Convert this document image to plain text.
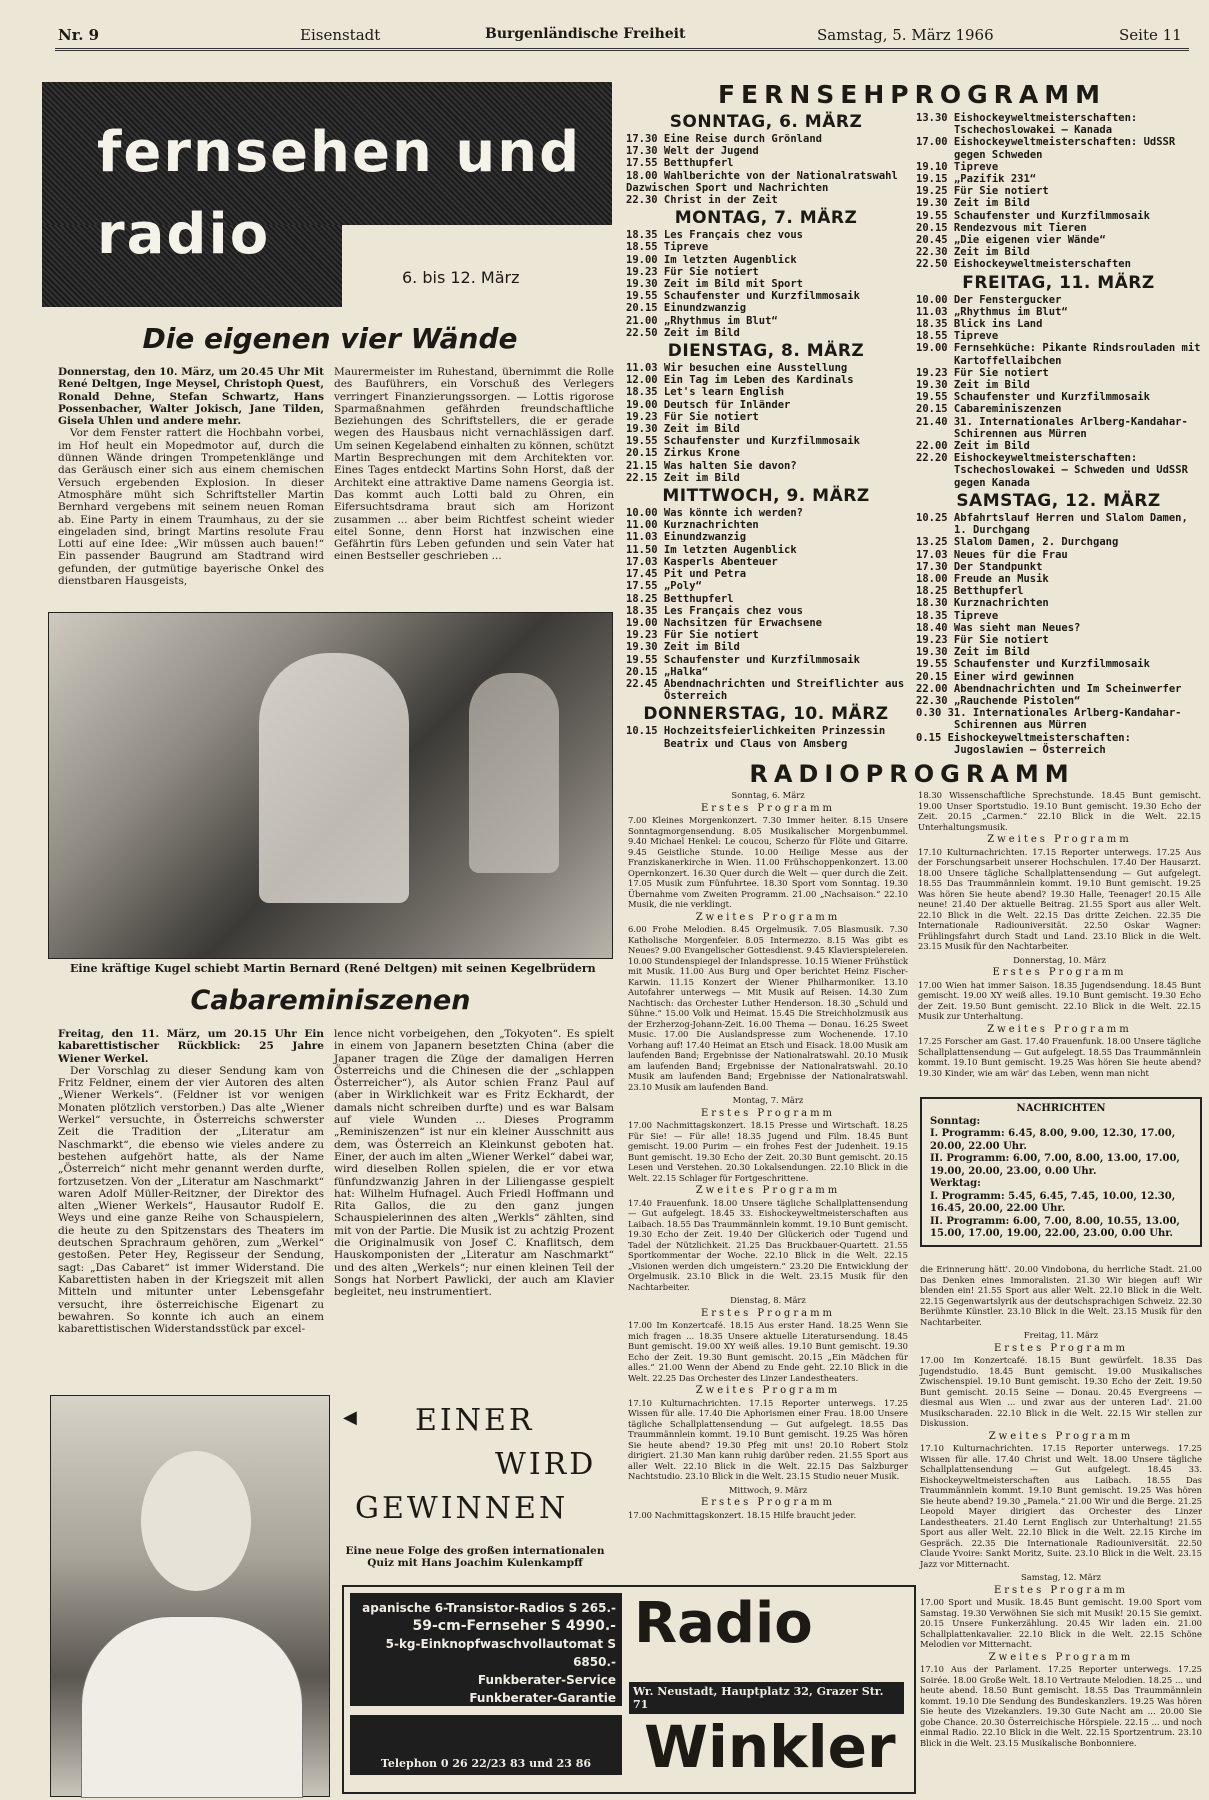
Nr. 9	Eisenstadt	Burgenländische Freiheit	Samstag, 5. März 1966	Seite 11
fernsehen und
radio
6. bis 12. März
Die eigenen vier Wände
Donnerstag, den 10. März, um 20.45 Uhr Mit René Deltgen, Inge Meysel, Christoph Quest, Ronald Dehne, Stefan Schwartz, Hans Possenbacher, Walter Jokisch, Jane Tilden, Gisela Uhlen und andere mehr.
Vor dem Fenster rattert die Hochbahn vorbei, im Hof heult ein Mopedmotor auf, durch die dünnen Wände dringen Trompetenklänge und das Geräusch einer sich aus einem chemischen Versuch ergebenden Explosion. In dieser Atmosphäre müht sich Schriftsteller Martin Bernhard vergebens mit seinem neuen Roman ab. Eine Party in einem Traumhaus, zu der sie eingeladen sind, bringt Martins resolute Frau Lotti auf eine Idee: „Wir müssen auch bauen!“ Ein passender Baugrund am Stadtrand wird gefunden, der gutmütige bayerische Onkel des dienstbaren Hausgeists,
Maurermeister im Ruhestand, übernimmt die Rolle des Bauführers, ein Vorschuß des Verlegers verringert Finanzierungssorgen. — Lottis rigorose Sparmaßnahmen gefährden freundschaftliche Beziehungen des Schriftstellers, die er gerade wegen des Hausbaus nicht vernachlässigen darf. Um seinen Kegelabend einhalten zu können, schützt Martin Besprechungen mit dem Architekten vor. Eines Tages entdeckt Martins Sohn Horst, daß der Architekt eine attraktive Dame namens Georgia ist. Das kommt auch Lotti bald zu Ohren, ein Eifersuchtsdrama braut sich am Horizont zusammen ... aber beim Richtfest scheint wieder eitel Sonne, denn Horst hat inzwischen eine Gefährtin fürs Leben gefunden und sein Vater hat einen Bestseller geschrieben ...
Eine kräftige Kugel schiebt Martin Bernard (René Deltgen) mit seinen Kegelbrüdern
Cabareminiszenen
Freitag, den 11. März, um 20.15 Uhr Ein kabarettistischer Rückblick: 25 Jahre Wiener Werkel.
Der Vorschlag zu dieser Sendung kam von Fritz Feldner, einem der vier Autoren des alten „Wiener Werkels“. (Feldner ist vor wenigen Monaten plötzlich verstorben.) Das alte „Wiener Werkel“ versuchte, in Österreichs schwerster Zeit die Tradition der „Literatur am Naschmarkt“, die ebenso wie vieles andere zu bestehen aufgehört hatte, als der Name „Österreich“ nicht mehr genannt werden durfte, fortzusetzen. Von der „Literatur am Naschmarkt“ waren Adolf Müller-Reitzner, der Direktor des alten „Wiener Werkels“, Hausautor Rudolf E. Weys und eine ganze Reihe von Schauspielern, die heute zu den Spitzenstars des Theaters im deutschen Sprachraum gehören, zum „Werkel“ gestoßen. Peter Hey, Regisseur der Sendung, sagt: „Das Cabaret“ ist immer Widerstand. Die Kabarettisten haben in der Kriegszeit mit allen Mitteln und mitunter unter Lebensgefahr versucht, ihre österreichische Eigenart zu bewahren. So konnte ich auch an einem kabarettistischen Widerstandsstück par excel-
lence nicht vorbeigehen, den „Tokyoten“. Es spielt in einem von Japanern besetzten China (aber die Japaner tragen die Züge der damaligen Herren Österreichs und die Chinesen die der „schlappen Österreicher“), als Autor schien Franz Paul auf (aber in Wirklichkeit war es Fritz Eckhardt, der damals nicht schreiben durfte) und es war Balsam auf viele Wunden ... Dieses Programm „Reminiszenzen“ ist nur ein kleiner Ausschnitt aus dem, was Österreich an Kleinkunst geboten hat. Einer, der auch im alten „Wiener Werkel“ dabei war, wird dieselben Rollen spielen, die er vor etwa fünfundzwanzig Jahren in der Liliengasse gespielt hat: Wilhelm Hufnagel. Auch Friedl Hoffmann und Rita Gallos, die zu den ganz jungen Schauspielerinnen des alten „Werkls“ zählten, sind mit von der Partie. Die Musik ist zu achtzig Prozent die Originalmusik von Josef C. Knaflitsch, dem Hauskomponisten der „Literatur am Naschmarkt“ und des alten „Werkels“; nur einen kleinen Teil der Songs hat Norbert Pawlicki, der auch am Klavier begleitet, neu instrumentiert.
◀ EINER
WIRD
GEWINNEN
Eine neue Folge des großen internationalen Quiz mit Hans Joachim Kulenkampff
apanische 6-Transistor-Radios S 265.-
59-cm-Fernseher S 4990.-
5-kg-Einknopfwaschvollautomat S 6850.-
Funkberater-Service
Funkberater-Garantie
Radio
Wr. Neustadt, Hauptplatz 32, Grazer Str. 71
Telephon 0 26 22/23 83 und 23 86 Winkler
FERNSEHPROGRAMM
SONNTAG, 6. MÄRZ
17.30 Eine Reise durch Grönland
17.30 Welt der Jugend
17.55 Betthupferl
18.00 Wahlberichte von der Nationalratswahl
Dazwischen Sport und Nachrichten
22.30 Christ in der Zeit
MONTAG, 7. MÄRZ
18.35 Les Français chez vous
18.55 Tipreve
19.00 Im letzten Augenblick
19.23 Für Sie notiert
19.30 Zeit im Bild mit Sport
19.55 Schaufenster und Kurzfilmmosaik
20.15 Einundzwanzig
21.00 „Rhythmus im Blut“
22.50 Zeit im Bild
DIENSTAG, 8. MÄRZ
11.03 Wir besuchen eine Ausstellung
12.00 Ein Tag im Leben des Kardinals
18.35 Let's learn English
19.00 Deutsch für Inländer
19.23 Für Sie notiert
19.30 Zeit im Bild
19.55 Schaufenster und Kurzfilmmosaik
20.15 Zirkus Krone
21.15 Was halten Sie davon?
22.15 Zeit im Bild
MITTWOCH, 9. MÄRZ
10.00 Was könnte ich werden?
11.00 Kurznachrichten
11.03 Einundzwanzig
11.50 Im letzten Augenblick
17.03 Kasperls Abenteuer
17.45 Pit und Petra
17.55 „Poly“
18.25 Betthupferl
18.35 Les Français chez vous
19.00 Nachsitzen für Erwachsene
19.23 Für Sie notiert
19.30 Zeit im Bild
19.55 Schaufenster und Kurzfilmmosaik
20.15 „Halka“
22.45 Abendnachrichten und Streiflichter aus Österreich
DONNERSTAG, 10. MÄRZ
10.15 Hochzeitsfeierlichkeiten Prinzessin Beatrix und Claus von Amsberg
13.30 Eishockeyweltmeisterschaften: Tschechoslowakei — Kanada
17.00 Eishockeyweltmeisterschaften: UdSSR gegen Schweden
19.10 Tipreve
19.15 „Pazifik 231“
19.25 Für Sie notiert
19.30 Zeit im Bild
19.55 Schaufenster und Kurzfilmmosaik
20.15 Rendezvous mit Tieren
20.45 „Die eigenen vier Wände“
22.30 Zeit im Bild
22.50 Eishockeyweltmeisterschaften
FREITAG, 11. MÄRZ
10.00 Der Fenstergucker
11.03 „Rhythmus im Blut“
18.35 Blick ins Land
18.55 Tipreve
19.00 Fernsehküche: Pikante Rindsrouladen mit Kartoffellaibchen
19.23 Für Sie notiert
19.30 Zeit im Bild
19.55 Schaufenster und Kurzfilmmosaik
20.15 Cabareminiszenzen
21.40 31. Internationales Arlberg-Kandahar-Schirennen aus Mürren
22.00 Zeit im Bild
22.20 Eishockeyweltmeisterschaften: Tschechoslowakei — Schweden und UdSSR gegen Kanada
SAMSTAG, 12. MÄRZ
10.25 Abfahrtslauf Herren und Slalom Damen, 1. Durchgang
13.25 Slalom Damen, 2. Durchgang
17.03 Neues für die Frau
17.30 Der Standpunkt
18.00 Freude an Musik
18.25 Betthupferl
18.30 Kurznachrichten
18.35 Tipreve
18.40 Was sieht man Neues?
19.23 Für Sie notiert
19.30 Zeit im Bild
19.55 Schaufenster und Kurzfilmmosaik
20.15 Einer wird gewinnen
22.00 Abendnachrichten und Im Scheinwerfer
22.30 „Rauchende Pistolen“
0.30 31. Internationales Arlberg-Kandahar-Schirennen aus Mürren
0.15 Eishockeyweltmeisterschaften: Jugoslawien — Österreich
RADIOPROGRAMM
Sonntag, 6. März
Erstes Programm
7.00 Kleines Morgenkonzert. 7.30 Immer heiter. 8.15 Unsere Sonntagmorgensendung. 8.05 Musikalischer Morgenbummel. 9.40 Michael Henkel: Le coucou, Scherzo für Flöte und Gitarre. 9.45 Geistliche Stunde. 10.00 Heilige Messe aus der Franziskanerkirche in Wien. 11.00 Frühschoppenkonzert. 13.00 Opernkonzert. 16.30 Quer durch die Welt — quer durch die Zeit. 17.05 Musik zum Fünfuhrtee. 18.30 Sport vom Sonntag. 19.30 Übernahme vom Zweiten Programm. 21.00 „Nachsaison.“ 22.10 Musik, die nie verklingt.
Zweites Programm
6.00 Frohe Melodien. 8.45 Orgelmusik. 7.05 Blasmusik. 7.30 Katholische Morgenfeier. 8.05 Intermezzo. 8.15 Was gibt es Neues? 9.00 Evangelischer Gottesdienst. 9.45 Klavierspielereien. 10.00 Stundenspiegel der Inlandspresse. 10.15 Wiener Frühstück mit Musik. 11.00 Aus Burg und Oper berichtet Heinz Fischer-Karwin. 11.15 Konzert der Wiener Philharmoniker. 13.10 Autofahrer unterwegs — Mit Musik auf Reisen. 14.30 Zum Nachtisch: das Orchester Luther Henderson. 18.30 „Schuld und Sühne.“ 15.00 Volk und Heimat. 15.45 Die Streichholzmusik aus der Erzherzog-Johann-Zeit. 16.00 Thema — Donau. 16.25 Sweet Music. 17.00 Die Auslandspresse zum Wochenende. 17.10 Vorhang auf! 17.40 Heimat an Etsch und Eisack. 18.00 Musik am laufenden Band; Ergebnisse der Nationalratswahl. 20.10 Musik am laufenden Band; Ergebnisse der Nationalratswahl. 20.10 Musik am laufenden Band; Ergebnisse der Nationalratswahl. 23.10 Musik am laufenden Band.
Montag, 7. März
Erstes Programm
17.00 Nachmittagskonzert. 18.15 Presse und Wirtschaft. 18.25 Für Sie! — Für alle! 18.35 Jugend und Film. 18.45 Bunt gemischt. 19.00 Purim — ein frohes Fest der Judenheit. 19.15 Bunt gemischt. 19.30 Echo der Zeit. 20.30 Bunt gemischt. 20.15 Lesen und Verstehen. 20.30 Lokalsendungen. 22.10 Blick in die Welt. 22.15 Schlager für Fortgeschrittene.
Zweites Programm
17.40 Frauenfunk. 18.00 Unsere tägliche Schallplattensendung — Gut aufgelegt. 18.45 33. Eishockeyweltmeisterschaften aus Laibach. 18.55 Das Traummännlein kommt. 19.10 Bunt gemischt. 19.30 Echo der Zeit. 19.40 Der Glückerich oder Tugend und Tadel der Nützlichkeit. 21.25 Das Bruckbauer-Quartett. 21.55 Sportkommentar der Woche. 22.10 Blick in die Welt. 22.15 „Visionen werden dich umgeistern.“ 23.20 Die Entwicklung der Orgelmusik. 23.10 Blick in die Welt. 23.15 Musik für den Nachtarbeiter.
Dienstag, 8. März
Erstes Programm
17.00 Im Konzertcafé. 18.15 Aus erster Hand. 18.25 Wenn Sie mich fragen ... 18.35 Unsere aktuelle Literatursendung. 18.45 Bunt gemischt. 19.00 XY weiß alles. 19.10 Bunt gemischt. 19.30 Echo der Zeit. 19.30 Bunt gemischt. 20.15 „Ein Mädchen für alles.“ 21.00 Wenn der Abend zu Ende geht. 22.10 Blick in die Welt. 22.25 Das Orchester des Linzer Landestheaters.
Zweites Programm
17.10 Kulturnachrichten. 17.15 Reporter unterwegs. 17.25 Wissen für alle. 17.40 Die Aphorismen einer Frau. 18.00 Unsere tägliche Schallplattensendung — Gut aufgelegt. 18.55 Das Traummännlein kommt. 19.10 Bunt gemischt. 19.25 Was hören Sie heute abend? 19.30 Pfeg mit uns! 20.10 Robert Stolz dirigiert. 21.30 Man kann ruhig darüber reden. 21.55 Sport aus aller Welt. 22.10 Blick in die Welt. 22.15 Das Salzburger Nachtstudio. 23.10 Blick in die Welt. 23.15 Studio neuer Musik.
Mittwoch, 9. März
Erstes Programm
17.00 Nachmittagskonzert. 18.15 Hilfe braucht jeder.
18.30 Wissenschaftliche Sprechstunde. 18.45 Bunt gemischt. 19.00 Unser Sportstudio. 19.10 Bunt gemischt. 19.30 Echo der Zeit. 20.15 „Carmen.“ 22.10 Blick in die Welt. 22.15 Unterhaltungsmusik.
Zweites Programm
17.10 Kulturnachrichten. 17.15 Reporter unterwegs. 17.25 Aus der Forschungsarbeit unserer Hochschulen. 17.40 Der Hausarzt. 18.00 Unsere tägliche Schallplattensendung — Gut aufgelegt. 18.55 Das Traummännlein kommt. 19.10 Bunt gemischt. 19.25 Was hören Sie heute abend? 19.30 Halle, Teenager! 20.15 Alle neune! 21.40 Der aktuelle Beitrag. 21.55 Sport aus aller Welt. 22.10 Blick in die Welt. 22.15 Das dritte Zeichen. 22.35 Die Internationale Radiouniversität. 22.50 Oskar Wagner: Frühlingsfahrt durch Stadt und Land. 23.10 Blick in die Welt. 23.15 Musik für den Nachtarbeiter.
Donnerstag, 10. März
Erstes Programm
17.00 Wien hat immer Saison. 18.35 Jugendsendung. 18.45 Bunt gemischt. 19.00 XY weiß alles. 19.10 Bunt gemischt. 19.30 Echo der Zeit. 19.50 Bunt gemischt. 22.10 Blick in die Welt. 22.15 Musik zur Unterhaltung.
Zweites Programm
17.25 Forscher am Gast. 17.40 Frauenfunk. 18.00 Unsere tägliche Schallplattensendung — Gut aufgelegt. 18.55 Das Traummännlein kommt. 19.10 Bunt gemischt. 19.25 Was hören Sie heute abend? 19.30 Kinder, wie am wär' das Leben, wenn man nicht
NACHRICHTEN
Sonntag:
I. Programm: 6.45, 8.00, 9.00, 12.30, 17.00, 20.00, 22.00 Uhr.
II. Programm: 6.00, 7.00, 8.00, 13.00, 17.00, 19.00, 20.00, 23.00, 0.00 Uhr.
Werktag:
I. Programm: 5.45, 6.45, 7.45, 10.00, 12.30, 16.45, 20.00, 22.00 Uhr.
II. Programm: 6.00, 7.00, 8.00, 10.55, 13.00, 15.00, 17.00, 19.00, 22.00, 23.00, 0.00 Uhr.
die Erinnerung hätt'. 20.00 Vindobona, du herrliche Stadt. 21.00 Das Denken eines Immoralisten. 21.30 Wir biegen auf! Wir blenden ein! 21.55 Sport aus aller Welt. 22.10 Blick in die Welt. 22.15 Gegenwartslyrik aus der deutschsprachigen Schweiz. 22.30 Berühmte Künstler. 23.10 Blick in die Welt. 23.15 Musik für den Nachtarbeiter.
Freitag, 11. März
Erstes Programm
17.00 Im Konzertcafé. 18.15 Bunt gewürfelt. 18.35 Das Jugendstudio. 18.45 Bunt gemischt. 19.00 Musikalisches Zwischenspiel. 19.10 Bunt gemischt. 19.30 Echo der Zeit. 19.50 Bunt gemischt. 20.15 Seine — Donau. 20.45 Evergreens — diesmal aus Wien ... und zwar aus der unteren Lad'. 21.00 Musikscharaden. 22.10 Blick in die Welt. 22.15 Wir stellen zur Diskussion.
Zweites Programm
17.10 Kulturnachrichten. 17.15 Reporter unterwegs. 17.25 Wissen für alle. 17.40 Christ und Welt. 18.00 Unsere tägliche Schallplattensendung — Gut aufgelegt. 18.45 33. Eishockeyweltmeisterschaften aus Laibach. 18.55 Das Traummännlein kommt. 19.10 Bunt gemischt. 19.25 Was hören Sie heute abend? 19.30 „Pamela.“ 21.00 Wir und die Berge. 21.25 Leopold Mayer dirigiert das Orchester des Linzer Landestheaters. 21.40 Lernt Englisch zur Unterhaltung! 21.55 Sport aus aller Welt. 22.10 Blick in die Welt. 22.15 Kirche im Gespräch. 22.35 Die Internationale Radiouniversität. 22.50 Claude Yvoire: Sankt Moritz, Suite. 23.10 Blick in die Welt. 23.15 Jazz vor Mitternacht.
Samstag, 12. März
Erstes Programm
17.00 Sport und Musik. 18.45 Bunt gemischt. 19.00 Sport vom Samstag. 19.30 Verwöhnen Sie sich mit Musik! 20.15 Sie gemixt. 20.15 Unsere Funkerzählung. 20.45 Wir laden ein. 21.00 Schallplattenkavalier. 22.10 Blick in die Welt. 22.15 Schöne Melodien vor Mitternacht.
Zweites Programm
17.10 Aus der Parlament. 17.25 Reporter unterwegs. 17.25 Soirée. 18.00 Große Welt. 18.10 Vertraute Melodien. 18.25 ... und heute abend. 18.50 Bunt gemischt. 18.55 Das Traummännlein kommt. 19.10 Die Sendung des Bundeskanzlers. 19.25 Was hören Sie heute des Vizekanzlers. 19.30 Gute Nacht am ... 20.00 Sie gobe Chance. 20.30 Österreichische Hörspiele. 22.15 ... und noch einmal Radio. 22.10 Blick in die Welt. 22.15 Sportzentrum. 23.10 Blick in die Welt. 23.15 Musikalische Bonbonniere.
